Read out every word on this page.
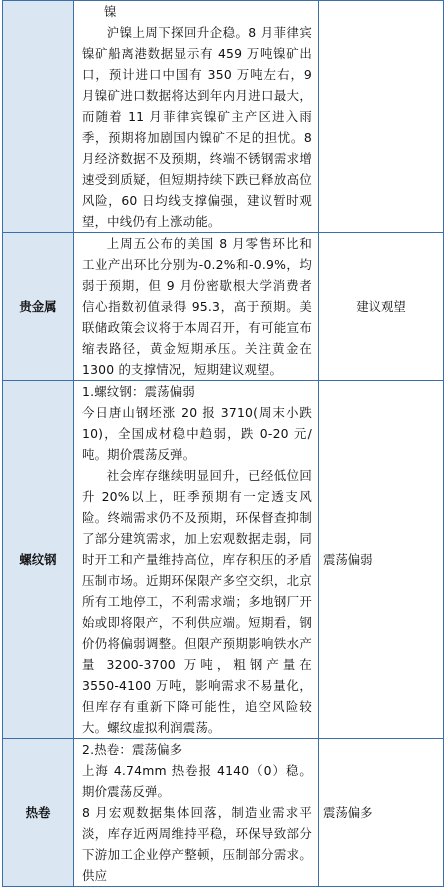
	镍
沪镍上周下探回升企稳。8 月菲律宾镍矿船离港数据显示有 459 万吨镍矿出口，预计进口中国有 350 万吨左右，9 月镍矿进口数据将达到年内月进口最大，而随着 11 月菲律宾镍矿主产区进入雨季，预期将加剧国内镍矿不足的担忧。8 月经济数据不及预期，终端不锈钢需求增速受到质疑，但短期持续下跌已释放高位风险，60 日均线支撑偏强，建议暂时观望，中线仍有上涨动能。	

贵金属	上周五公布的美国 8 月零售环比和工业产出环比分别为-0.2%和-0.9%，均弱于预期，但 9 月份密歇根大学消费者信心指数初值录得 95.3，高于预期。美联储政策会议将于本周召开，有可能宣布缩表路径，黄金短期承压。关注黄金在 1300 的支撑情况，短期建议观望。	建议观望
螺纹钢	1.螺纹钢：震荡偏弱
今日唐山钢坯涨 20 报 3710(周末小跌 10)，全国成材稳中趋弱，跌 0-20 元/吨。期价震荡反弹。
社会库存继续明显回升，已经低位回升 20%以上，旺季预期有一定透支风险。终端需求仍不及预期，环保督查抑制了部分建筑需求，加上宏观数据走弱，同时开工和产量维持高位，库存积压的矛盾压制市场。近期环保限产多空交织，北京所有工地停工，不利需求端；多地钢厂开始或即将限产，不利供应端。短期看，钢价仍将偏弱调整。但限产预期影响铁水产量 3200-3700 万吨，粗钢产量在 3550-4100 万吨，影响需求不易量化，但库存有重新下降可能性，追空风险较大。螺纹虚拟利润震荡。	震荡偏弱
热卷	2.热卷：震荡偏多
上海 4.74mm 热卷报 4140（0）稳。期价震荡反弹。
8 月宏观数据集体回落，制造业需求平淡，库存近两周维持平稳，环保导致部分下游加工企业停产整顿，压制部分需求。供应	震荡偏多
